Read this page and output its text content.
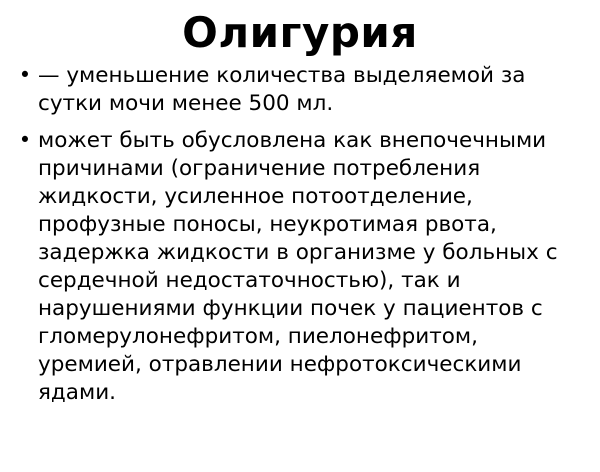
Олигурия
• — уменьшение количества выделяемой за сутки мочи менее 500 мл.
• может быть обусловлена как внепочечными причинами (ограничение потребления жидкости, усиленное потоотделение, профузные поносы, неукротимая рвота, задержка жидкости в организме у больных с сердечной недостаточностью), так и нарушениями функции почек у пациентов с гломерулонефритом, пиелонефритом, уремией, отравлении нефротоксическими ядами.
